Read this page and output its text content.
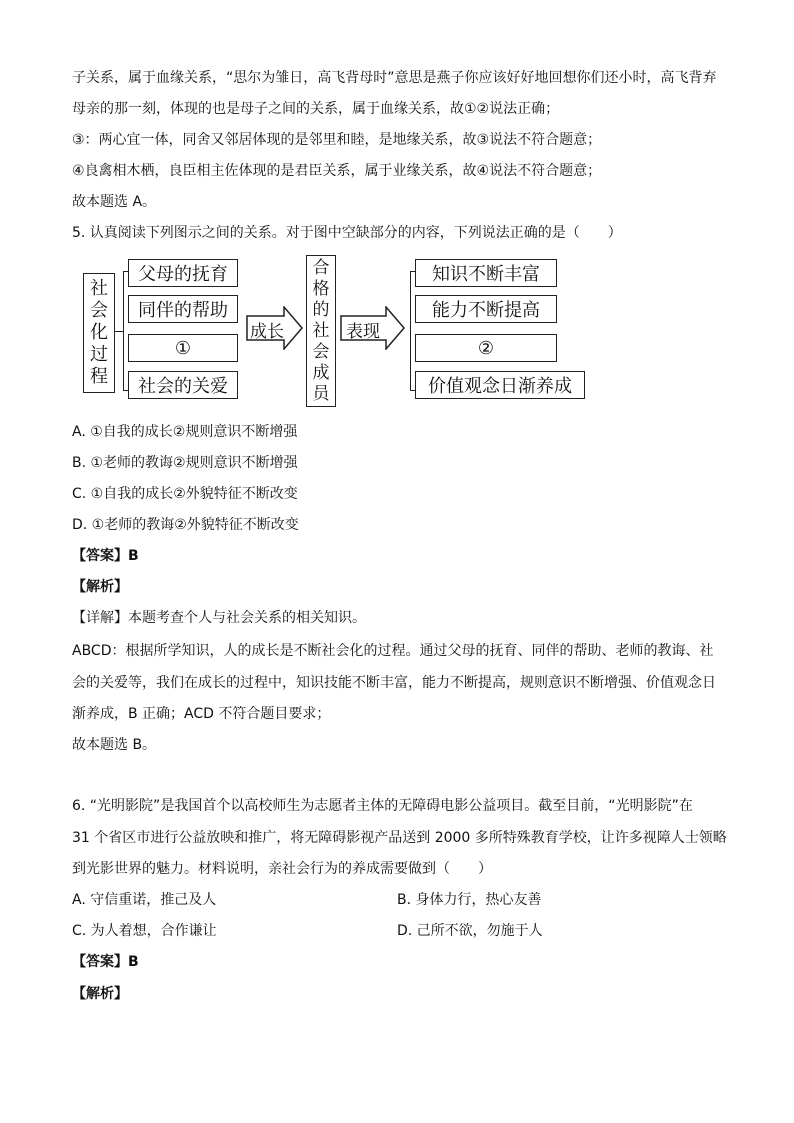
子关系，属于血缘关系，“思尔为雏日，高飞背母时”意思是燕子你应该好好地回想你们还小时，高飞背弃
母亲的那一刻，体现的也是母子之间的关系，属于血缘关系，故①②说法正确；
③：两心宜一体，同舍又邻居体现的是邻里和睦，是地缘关系，故③说法不符合题意；
④良禽相木栖，良臣相主佐体现的是君臣关系，属于业缘关系，故④说法不符合题意；
故本题选 A。
5. 认真阅读下列图示之间的关系。对于图中空缺部分的内容，下列说法正确的是（　　）
社
会
化
过
程
父母的抚育
同伴的帮助
①
社会的关爱
成长
合
格
的
社
会
成
员
表现
知识不断丰富
能力不断提高
②
价值观念日渐养成
A. ①自我的成长②规则意识不断增强
B. ①老师的教诲②规则意识不断增强
C. ①自我的成长②外貌特征不断改变
D. ①老师的教诲②外貌特征不断改变
【答案】B
【解析】
【详解】本题考查个人与社会关系的相关知识。
ABCD：根据所学知识，人的成长是不断社会化的过程。通过父母的抚育、同伴的帮助、老师的教诲、社
会的关爱等，我们在成长的过程中，知识技能不断丰富，能力不断提高，规则意识不断增强、价值观念日
渐养成，B 正确；ACD 不符合题目要求；
故本题选 B。
6. “光明影院”是我国首个以高校师生为志愿者主体的无障碍电影公益项目。截至目前，“光明影院”在
31 个省区市进行公益放映和推广，将无障碍影视产品送到 2000 多所特殊教育学校，让许多视障人士领略
到光影世界的魅力。材料说明，亲社会行为的养成需要做到（　　）
A. 守信重诺，推己及人	B. 身体力行，热心友善
C. 为人着想，合作谦让	D. 己所不欲，勿施于人
【答案】B
【解析】
